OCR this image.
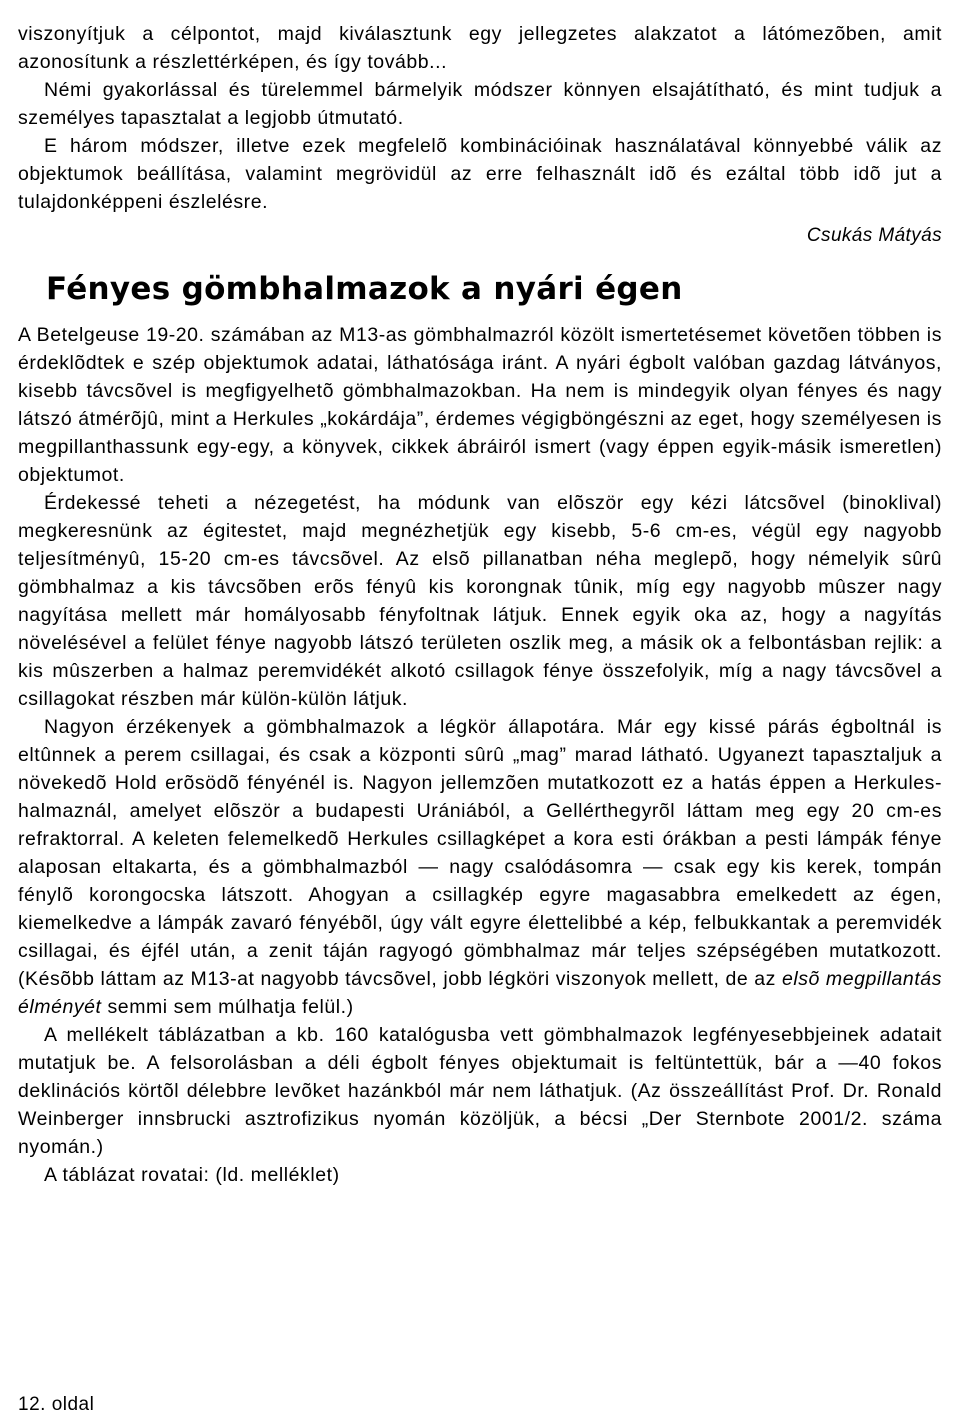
viszonyítjuk a célpontot, majd kiválasztunk egy jellegzetes alakzatot a látómezõben, amit azonosítunk a részlettérképen, és így tovább...

Némi gyakorlással és türelemmel bármelyik módszer könnyen elsajátítható, és mint tudjuk a személyes tapasztalat a legjobb útmutató.

E három módszer, illetve ezek megfelelõ kombinációinak használatával könnyebbé válik az objektumok beállítása, valamint megrövidül az erre felhasznált idõ és ezáltal több idõ jut a tulajdonképpeni észlelésre.

Csukás Mátyás

Fényes gömbhalmazok a nyári égen

A Betelgeuse 19-20. számában az M13-as gömbhalmazról közölt ismertetésemet követõen többen is érdeklõdtek e szép objektumok adatai, láthatósága iránt. A nyári égbolt valóban gazdag látványos, kisebb távcsõvel is megfigyelhetõ gömbhalmazokban. Ha nem is mindegyik olyan fényes és nagy látszó átmérõjû, mint a Herkules „kokárdája”, érdemes végigböngészni az eget, hogy személyesen is megpillanthassunk egy-egy, a könyvek, cikkek ábráiról ismert (vagy éppen egyik-másik ismeretlen) objektumot.

Érdekessé teheti a nézegetést, ha módunk van elõször egy kézi látcsõvel (binoklival) megkeresnünk az égitestet, majd megnézhetjük egy kisebb, 5-6 cm-es, végül egy nagyobb teljesítményû, 15-20 cm-es távcsõvel. Az elsõ pillanatban néha meglepõ, hogy némelyik sûrû gömbhalmaz a kis távcsõben erõs fényû kis korongnak tûnik, míg egy nagyobb mûszer nagy nagyítása mellett már homályosabb fényfoltnak látjuk. Ennek egyik oka az, hogy a nagyítás növelésével a felület fénye nagyobb látszó területen oszlik meg, a másik ok a felbontásban rejlik: a kis mûszerben a halmaz peremvidékét alkotó csillagok fénye összefolyik, míg a nagy távcsõvel a csillagokat részben már külön-külön látjuk.

Nagyon érzékenyek a gömbhalmazok a légkör állapotára. Már egy kissé párás égboltnál is eltûnnek a perem csillagai, és csak a központi sûrû „mag” marad látható. Ugyanezt tapasztaljuk a növekedõ Hold erõsödõ fényénél is. Nagyon jellemzõen mutatkozott ez a hatás éppen a Herkules-halmaznál, amelyet elõször a budapesti Urániából, a Gellérthegyrõl láttam meg egy 20 cm-es refraktorral. A keleten felemelkedõ Herkules csillagképet a kora esti órákban a pesti lámpák fénye alaposan eltakarta, és a gömbhalmazból — nagy csalódásomra — csak egy kis kerek, tompán fénylõ korongocska látszott. Ahogyan a csillagkép egyre magasabbra emelkedett az égen, kiemelkedve a lámpák zavaró fényébõl, úgy vált egyre élettelibbé a kép, felbukkantak a peremvidék csillagai, és éjfél után, a zenit táján ragyogó gömbhalmaz már teljes szépségében mutatkozott. (Késõbb láttam az M13-at nagyobb távcsõvel, jobb légköri viszonyok mellett, de az elsõ megpillantás élményét semmi sem múlhatja felül.)

A mellékelt táblázatban a kb. 160 katalógusba vett gömbhalmazok legfényesebbjeinek adatait mutatjuk be. A felsorolásban a déli égbolt fényes objektumait is feltüntettük, bár a —40 fokos deklinációs körtõl délebbre levõket hazánkból már nem láthatjuk. (Az összeállítást Prof. Dr. Ronald Weinberger innsbrucki asztrofizikus nyomán közöljük, a bécsi „Der Sternbote 2001/2. száma nyomán.)

A táblázat rovatai: (ld. melléklet)

12. oldal
